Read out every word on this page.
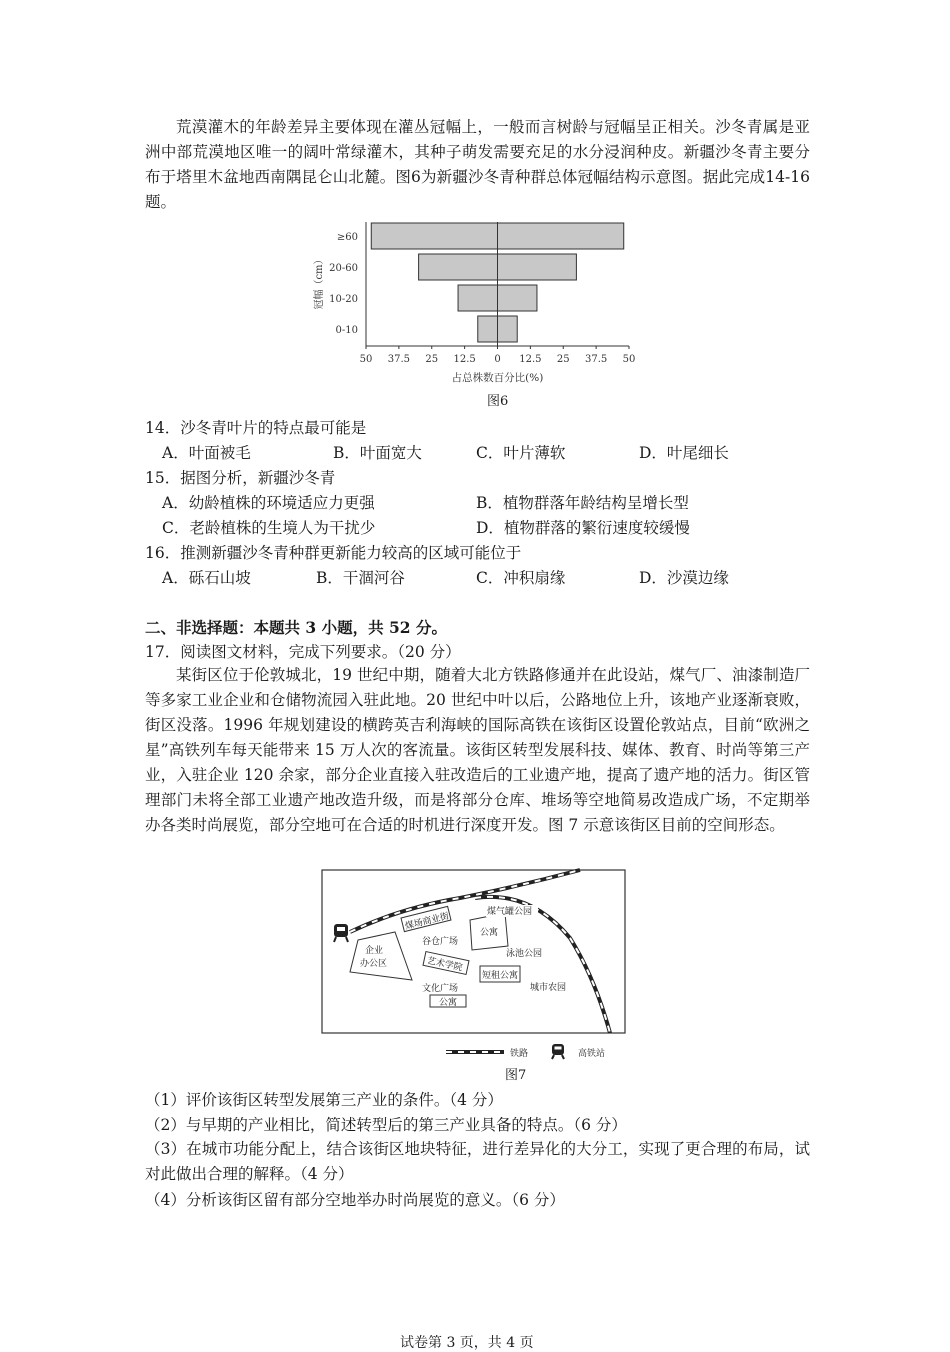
荒漠灌木的年龄差异主要体现在灌丛冠幅上，一般而言树龄与冠幅呈正相关。沙冬青属是亚洲中部荒漠地区唯一的阔叶常绿灌木，其种子萌发需要充足的水分浸润种皮。新疆沙冬青主要分布于塔里木盆地西南隅昆仑山北麓。图6为新疆沙冬青种群总体冠幅结构示意图。据此完成14-16题。

50 37.5 25 12.5 0 12.5 25 37.5 50
≥60
20-60
10-20
0-10
冠幅（cm）
占总株数百分比(%)
图6
14．沙冬青叶片的特点最可能是
A．叶面被毛	B．叶面宽大	C．叶片薄软	D．叶尾细长
15．据图分析，新疆沙冬青
A．幼龄植株的环境适应力更强	B．植物群落年龄结构呈增长型
C．老龄植株的生境人为干扰少	D．植物群落的繁衍速度较缓慢
16．推测新疆沙冬青种群更新能力较高的区域可能位于
A．砾石山坡	B．干涸河谷	C．冲积扇缘	D．沙漠边缘
二、非选择题：本题共 3 小题，共 52 分。
17．阅读图文材料，完成下列要求。（20 分）

某街区位于伦敦城北，19 世纪中期，随着大北方铁路修通并在此设站，煤气厂、油漆制造厂等多家工业企业和仓储物流园入驻此地。20 世纪中叶以后，公路地位上升，该地产业逐渐衰败，街区没落。1996 年规划建设的横跨英吉利海峡的国际高铁在该街区设置伦敦站点，目前“欧洲之星”高铁列车每天能带来 15 万人次的客流量。该街区转型发展科技、媒体、教育、时尚等第三产业，入驻企业 120 余家，部分企业直接入驻改造后的工业遗产地，提高了遗产地的活力。街区管理部门未将全部工业遗产地改造升级，而是将部分仓库、堆场等空地简易改造成广场，不定期举办各类时尚展览，部分空地可在合适的时机进行深度开发。图 7 示意该街区目前的空间形态。

企业
办公区
煤场商业街
谷仓广场
公寓
煤气罐公园
泳池公园
艺术学院
短租公寓
文化广场
公寓
城市农园
铁路	高铁站
图7
（1）评价该街区转型发展第三产业的条件。（4 分）
（2）与早期的产业相比，简述转型后的第三产业具备的特点。（6 分）

（3）在城市功能分配上，结合该街区地块特征，进行差异化的大分工，实现了更合理的布局，试对此做出合理的解释。（4 分）

（4）分析该街区留有部分空地举办时尚展览的意义。（6 分）
试卷第 3 页，共 4 页
